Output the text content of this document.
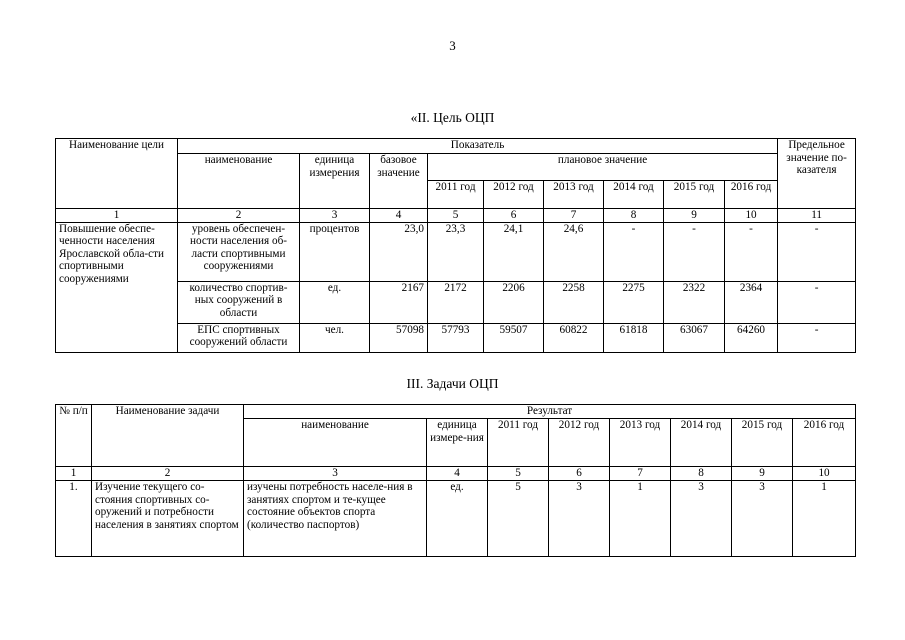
3
«II. Цель ОЦП
Наименование цели	Показатель									Предельное значение по-казателя
	наименование	единица измерения	базовое значение	плановое значение						
				2011 год	2012 год	2013 год	2014 год	2015 год	2016 год	
1	2	3	4	5	6	7	8	9	10	11
Повышение обеспе-ченности населения Ярославской обла-сти спортивными сооружениями	уровень обеспечен-ности населения об-ласти спортивными сооружениями	процентов	23,0	23,3	24,1	24,6	-	-	-	-
	количество спортив-ных сооружений в области	ед.	2167	2172	2206	2258	2275	2322	2364	-
	ЕПС спортивных сооружений области	чел.	57098	57793	59507	60822	61818	63067	64260	-
III. Задачи ОЦП
№ п/п	Наименование задачи	Результат							
		наименование	единица измере-ния	2011 год	2012 год	2013 год	2014 год	2015 год	2016 год
1	2	3	4	5	6	7	8	9	10
1.	Изучение текущего со-стояния спортивных со-оружений и потребности населения в занятиях спортом	изучены потребность населе-ния в занятиях спортом и те-кущее состояние объектов спорта (количество паспортов)	ед.	5	3	1	3	3	1
